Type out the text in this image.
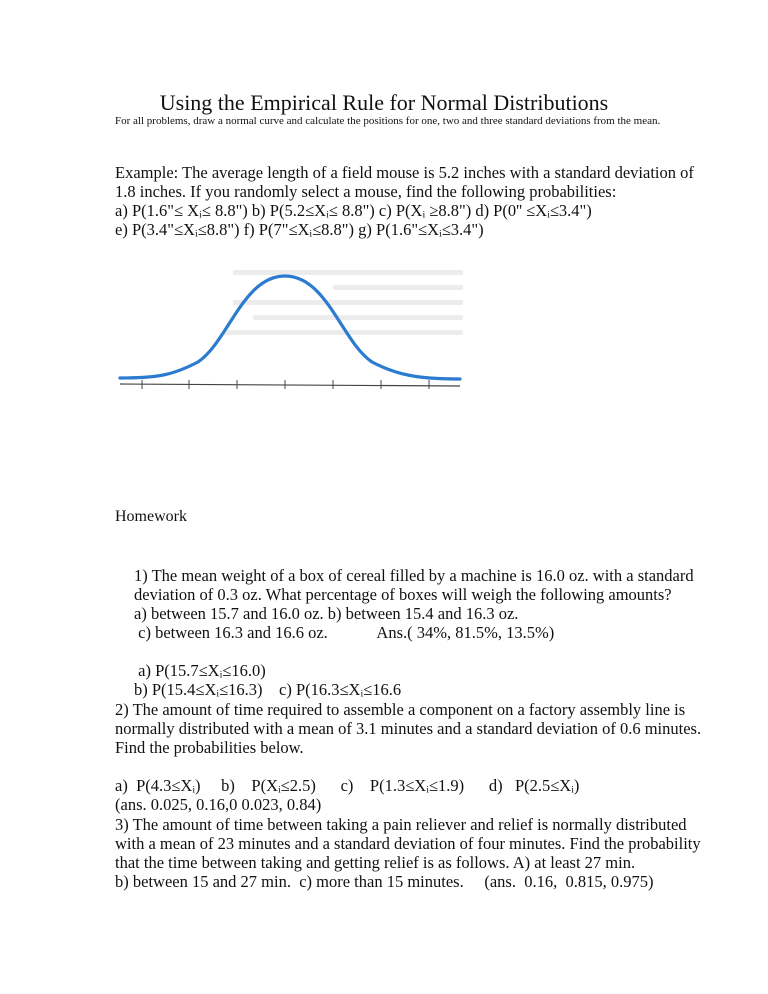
Using the Empirical Rule for Normal Distributions
For all problems, draw a normal curve and calculate the positions for one, two and three standard deviations from the mean.
Example: The average length of a field mouse is 5.2 inches with a standard deviation of
1.8 inches. If you randomly select a mouse, find the following probabilities:
a) P(1.6"≤ Xᵢ≤ 8.8") b) P(5.2≤Xᵢ≤ 8.8") c) P(Xᵢ ≥8.8") d) P(0'' ≤Xᵢ≤3.4")
e) P(3.4"≤Xᵢ≤8.8") f) P(7"≤Xᵢ≤8.8") g) P(1.6"≤Xᵢ≤3.4")
Homework
1) The mean weight of a box of cereal filled by a machine is 16.0 oz. with a standard
deviation of 0.3 oz. What percentage of boxes will weigh the following amounts?
a) between 15.7 and 16.0 oz. b) between 15.4 and 16.3 oz.
c) between 16.3 and 16.6 oz.            Ans.( 34%, 81.5%, 13.5%)
a) P(15.7≤Xᵢ≤16.0)
b) P(15.4≤Xᵢ≤16.3)    c) P(16.3≤Xᵢ≤16.6
2) The amount of time required to assemble a component on a factory assembly line is
normally distributed with a mean of 3.1 minutes and a standard deviation of 0.6 minutes.
Find the probabilities below.
a)  P(4.3≤Xᵢ)     b)    P(Xᵢ≤2.5)      c)    P(1.3≤Xᵢ≤1.9)      d)   P(2.5≤Xᵢ)
(ans. 0.025, 0.16,0 0.023, 0.84)
3) The amount of time between taking a pain reliever and relief is normally distributed
with a mean of 23 minutes and a standard deviation of four minutes. Find the probability
that the time between taking and getting relief is as follows. A) at least 27 min.
b) between 15 and 27 min.  c) more than 15 minutes.     (ans.  0.16,  0.815, 0.975)
